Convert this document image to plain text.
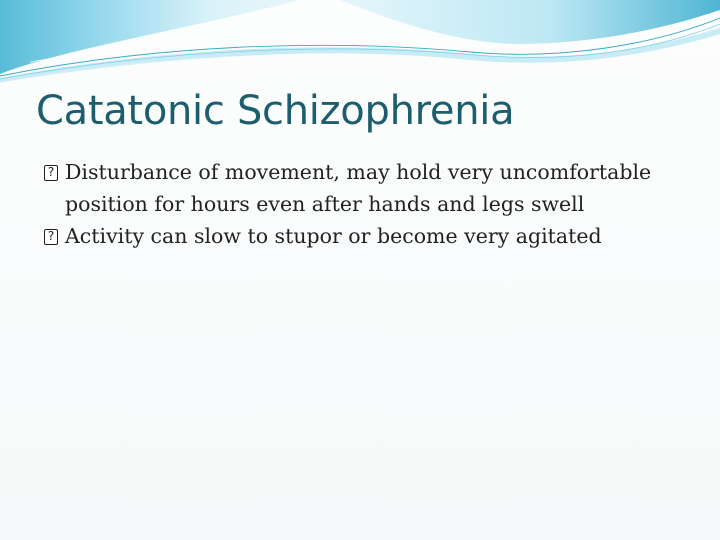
Catatonic Schizophrenia
? Disturbance of movement, may hold very uncomfortable position for hours even after hands and legs swell
? Activity can slow to stupor or become very agitated
